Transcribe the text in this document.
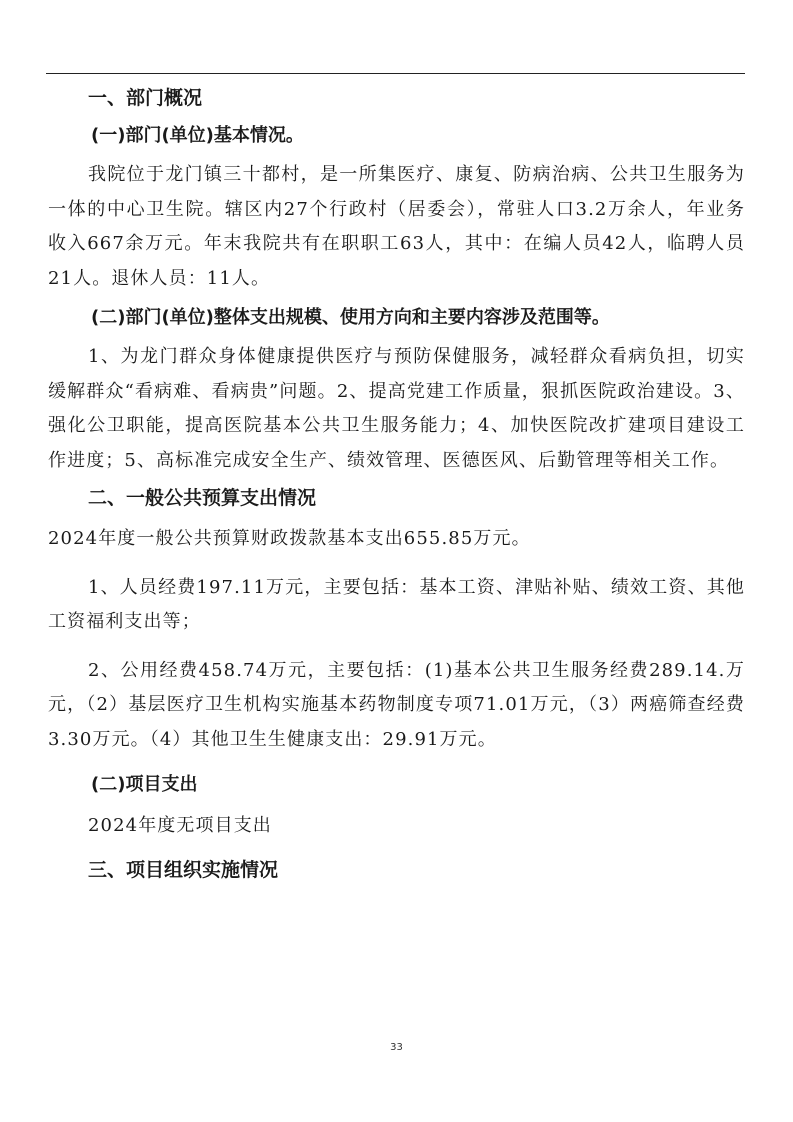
一、部门概况

(一)部门(单位)基本情况。

我院位于龙门镇三十都村，是一所集医疗、康复、防病治病、公共卫生服务为一体的中心卫生院。辖区内27个行政村（居委会），常驻人口3.2万余人，年业务收入667余万元。年末我院共有在职职工63人，其中：在编人员42人，临聘人员21人。退休人员：11人。

(二)部门(单位)整体支出规模、使用方向和主要内容涉及范围等。

1、为龙门群众身体健康提供医疗与预防保健服务，减轻群众看病负担，切实缓解群众“看病难、看病贵”问题。2、提高党建工作质量，狠抓医院政治建设。3、强化公卫职能，提高医院基本公共卫生服务能力；4、加快医院改扩建项目建设工作进度；5、高标准完成安全生产、绩效管理、医德医风、后勤管理等相关工作。

二、一般公共预算支出情况

2024年度一般公共预算财政拨款基本支出655.85万元。

1、人员经费197.11万元，主要包括：基本工资、津贴补贴、绩效工资、其他工资福利支出等；

2、公用经费458.74万元，主要包括：(1)基本公共卫生服务经费289.14.万元，（2）基层医疗卫生机构实施基本药物制度专项71.01万元，（3）两癌筛查经费3.30万元。（4）其他卫生生健康支出：29.91万元。

(二)项目支出

2024年度无项目支出

三、项目组织实施情况

33
